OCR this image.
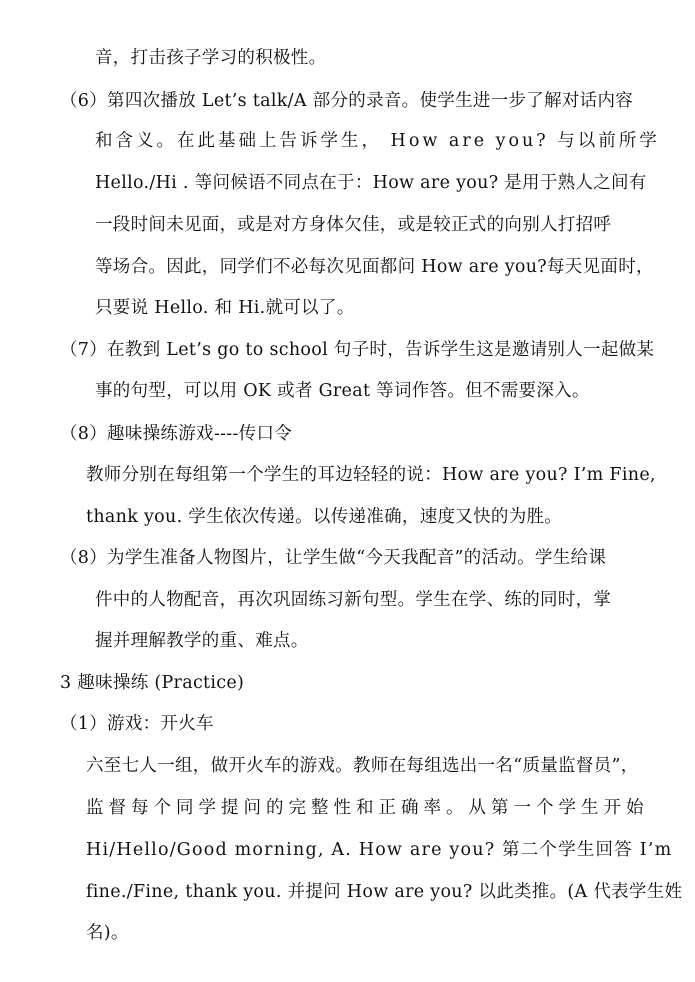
音，打击孩子学习的积极性。
（6）第四次播放 Let’s talk/A 部分的录音。使学生进一步了解对话内容
和含义。在此基础上告诉学生， How are you? 与以前所学
Hello./Hi . 等问候语不同点在于：How are you? 是用于熟人之间有
一段时间未见面，或是对方身体欠佳，或是较正式的向别人打招呼
等场合。因此，同学们不必每次见面都问 How are you?每天见面时，
只要说 Hello. 和 Hi.就可以了。
（7）在教到 Let’s go to school 句子时，告诉学生这是邀请别人一起做某
事的句型，可以用 OK 或者 Great 等词作答。但不需要深入。
（8）趣味操练游戏----传口令
教师分别在每组第一个学生的耳边轻轻的说：How are you? I’m Fine,
thank you. 学生依次传递。以传递准确，速度又快的为胜。
（8）为学生准备人物图片，让学生做“今天我配音”的活动。学生给课
件中的人物配音，再次巩固练习新句型。学生在学、练的同时，掌
握并理解教学的重、难点。
3 趣味操练 (Practice)
（1）游戏：开火车
六至七人一组，做开火车的游戏。教师在每组选出一名“质量监督员”，
监督每个同学提问的完整性和正确率。从第一个学生开始
Hi/Hello/Good morning, A. How are you? 第二个学生回答 I’m
fine./Fine, thank you. 并提问 How are you? 以此类推。(A 代表学生姓
名)。
